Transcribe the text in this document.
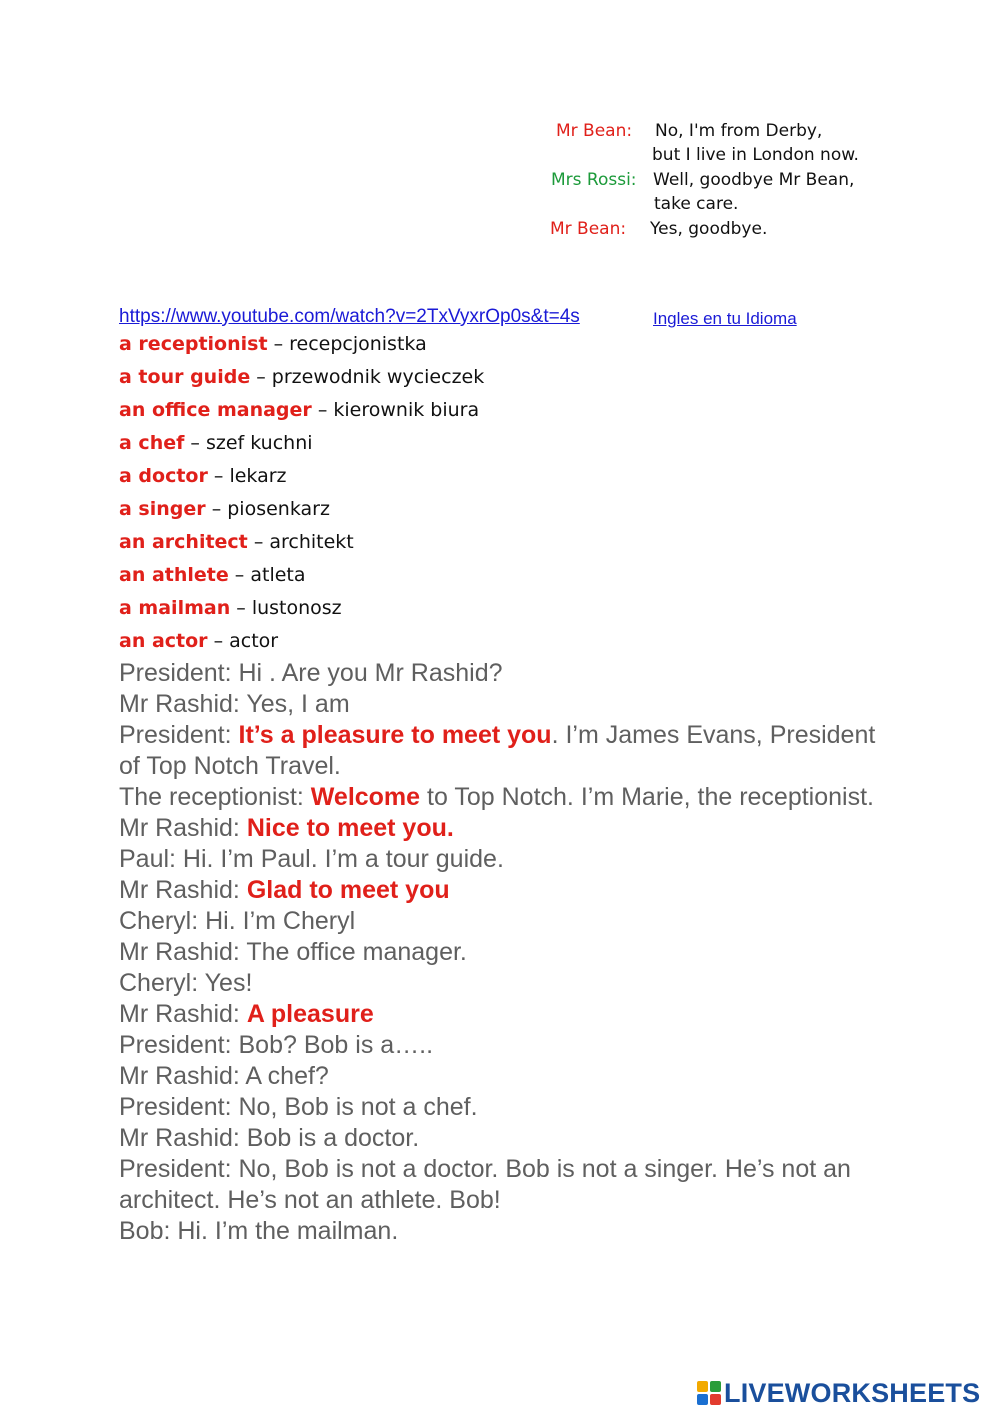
Mr Bean: No, I'm from Derby,
but I live in London now.
Mrs Rossi: Well, goodbye Mr Bean,
take care.
Mr Bean: Yes, goodbye.
https://www.youtube.com/watch?v=2TxVyxrOp0s&t=4s	Ingles en tu Idioma
a receptionist – recepcjonistka
a tour guide – przewodnik wycieczek
an office manager – kierownik biura
a chef – szef kuchni
a doctor – lekarz
a singer – piosenkarz
an architect – architekt
an athlete – atleta
a mailman – lustonosz
an actor – actor

President: Hi . Are you Mr Rashid?

Mr Rashid: Yes, I am

President: It’s a pleasure to meet you. I’m James Evans, President of Top Notch Travel.

The receptionist: Welcome to Top Notch. I’m Marie, the receptionist.

Mr Rashid: Nice to meet you.

Paul: Hi. I’m Paul. I’m a tour guide.

Mr Rashid: Glad to meet you

Cheryl: Hi. I’m Cheryl

Mr Rashid: The office manager.

Cheryl: Yes!

Mr Rashid: A pleasure

President: Bob? Bob is a…..

Mr Rashid: A chef?

President: No, Bob is not a chef.

Mr Rashid: Bob is a doctor.

President: No, Bob is not a doctor. Bob is not a singer. He’s not an architect. He’s not an athlete. Bob!

Bob: Hi. I’m the mailman.

LIVEWORKSHEETS
